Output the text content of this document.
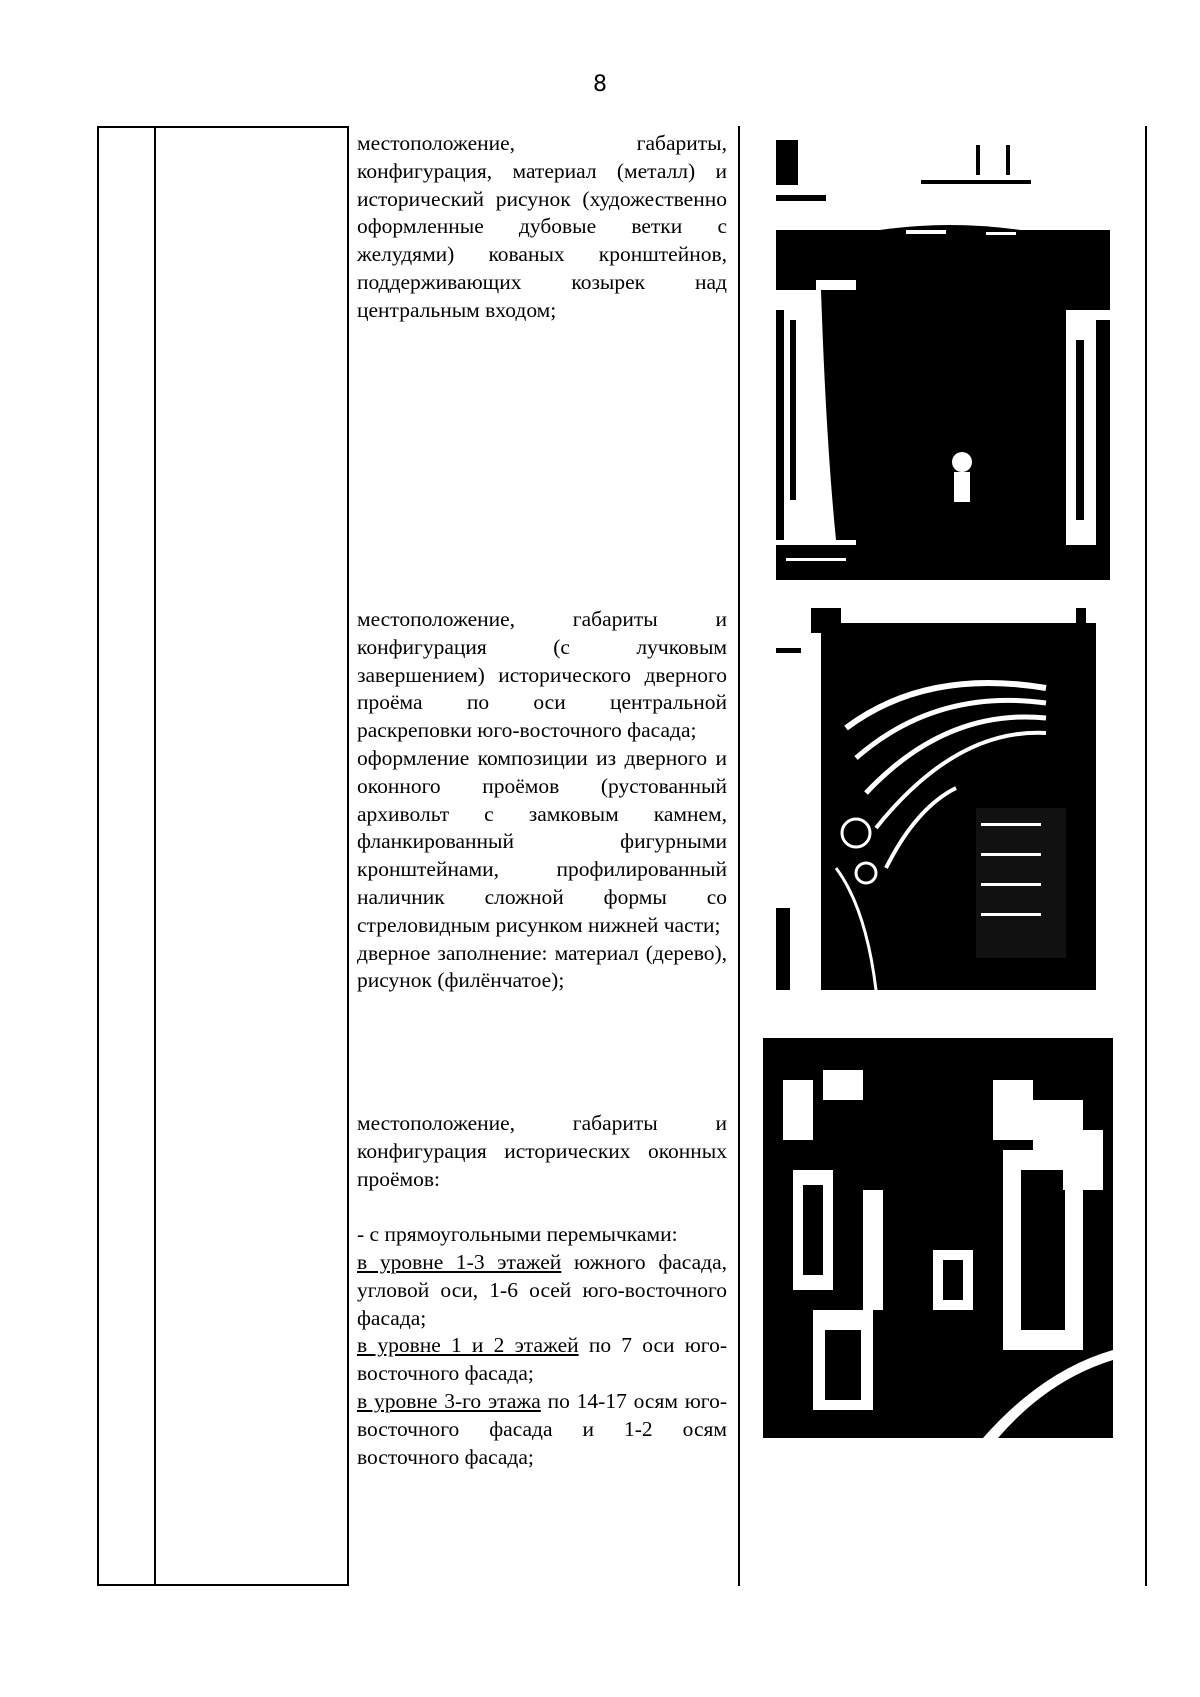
8

местоположение, габариты, конфигурация, материал (металл) и исторический рисунок (художественно оформленные дубовые ветки с желудями) кованых кронштейнов, поддерживающих козырек над центральным входом;

местоположение, габариты и конфигурация (с лучковым завершением) исторического дверного проёма по оси центральной раскреповки юго-восточного фасада;

оформление композиции из дверного и оконного проёмов (рустованный архивольт с замковым камнем, фланкированный фигурными кронштейнами, профилированный наличник сложной формы со стреловидным рисунком нижней части;

дверное заполнение: материал (дерево), рисунок (филёнчатое);

местоположение, габариты и конфигурация исторических оконных проёмов:

- с прямоугольными перемычками:

в уровне 1-3 этажей южного фасада, угловой оси, 1-6 осей юго-восточного фасада;

в уровне 1 и 2 этажей по 7 оси юго-восточного фасада;

в уровне 3-го этажа по 14-17 осям юго-восточного фасада и 1-2 осям восточного фасада;
